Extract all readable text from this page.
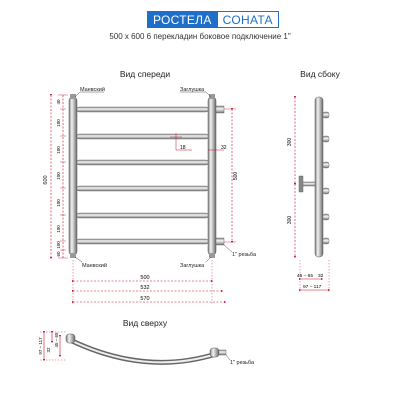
РОСТЕЛА СОНАТА
500 х 600 6 перекладин боковое подключение 1"
Вид спереди	Вид сбоку
Вид сверху
Маевский	Заглушка
Маевский	Заглушка
1" резьба
600
40
100
100
100
100
100
100
60
500
18	32
500
532
570
300
300
45 – 65 32
97 – 117
1" резьба
97 – 117 32
45 – 65
